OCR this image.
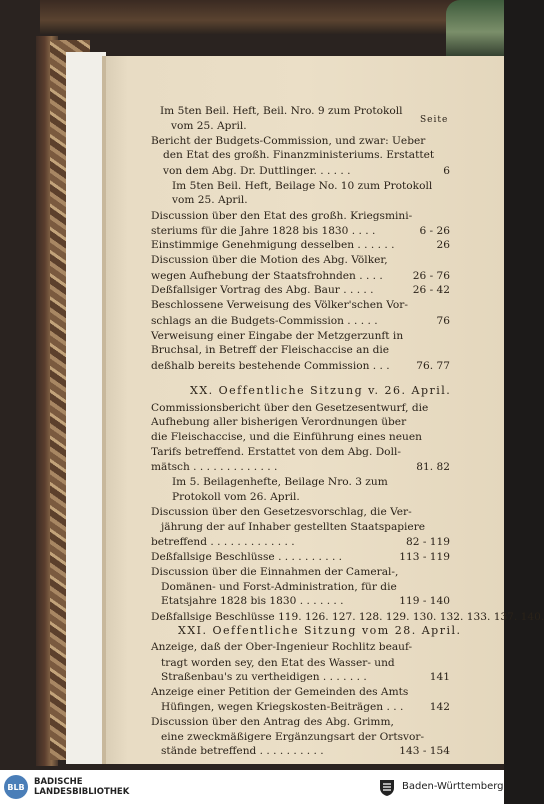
Seite
Im 5ten Beil. Heft, Beil. Nro. 9 zum Protokoll
vom 25. April.
Bericht der Budgets-Commission, und zwar: Ueber
den Etat des großh. Finanzministeriums. Erstattet
von dem Abg. Dr. Duttlinger. . . . . .
Im 5ten Beil. Heft, Beilage No. 10 zum Protokoll
vom 25. April.
Discussion über den Etat des großh. Kriegsmini-
steriums für die Jahre 1828 bis 1830 . . . .
Einstimmige Genehmigung desselben . . . . . .
Discussion über die Motion des Abg. Völker,
wegen Aufhebung der Staatsfrohnden . . . .
Deßfallsiger Vortrag des Abg. Baur . . . . .
Beschlossene Verweisung des Völker'schen Vor-
schlags an die Budgets-Commission . . . . .
Verweisung einer Eingabe der Metzgerzunft in
Bruchsal, in Betreff der Fleischaccise an die
deßhalb bereits bestehende Commission . . .
Commissionsbericht über den Gesetzesentwurf, die
Aufhebung aller bisherigen Verordnungen über
die Fleischaccise, und die Einführung eines neuen
Tarifs betreffend. Erstattet von dem Abg. Doll-
mätsch . . . . . . . . . . . . .
Im 5. Beilagenhefte, Beilage Nro. 3 zum
Protokoll vom 26. April.
Discussion über den Gesetzesvorschlag, die Ver-
jährung der auf Inhaber gestellten Staatspapiere
betreffend . . . . . . . . . . . . .
Deßfallsige Beschlüsse . . . . . . . . . .
Discussion über die Einnahmen der Cameral-,
Domänen- und Forst-Administration, für die
Etatsjahre 1828 bis 1830 . . . . . . .
Deßfallsige Beschlüsse 119. 126. 127. 128. 129. 130. 132. 133. 137. 140.
Anzeige, daß der Ober-Ingenieur Rochlitz beauf-
tragt worden sey, den Etat des Wasser- und
Straßenbau's zu vertheidigen . . . . . . .
Anzeige einer Petition der Gemeinden des Amts
Hüfingen, wegen Kriegskosten-Beiträgen . . .
Discussion über den Antrag des Abg. Grimm,
eine zweckmäßigere Ergänzungsart der Ortsvor-
stände betreffend . . . . . . . . . .
6
6 - 26
26
26 - 76
26 - 42
76
76. 77
81. 82
82 - 119
113 - 119
119 - 140
141
142
143 - 154
XX. Oeffentliche Sitzung v. 26. April.
XXI. Oeffentliche Sitzung vom 28. April.
BLB	BADISCHE
LANDESBIBLIOTHEK	Baden-Württemberg
